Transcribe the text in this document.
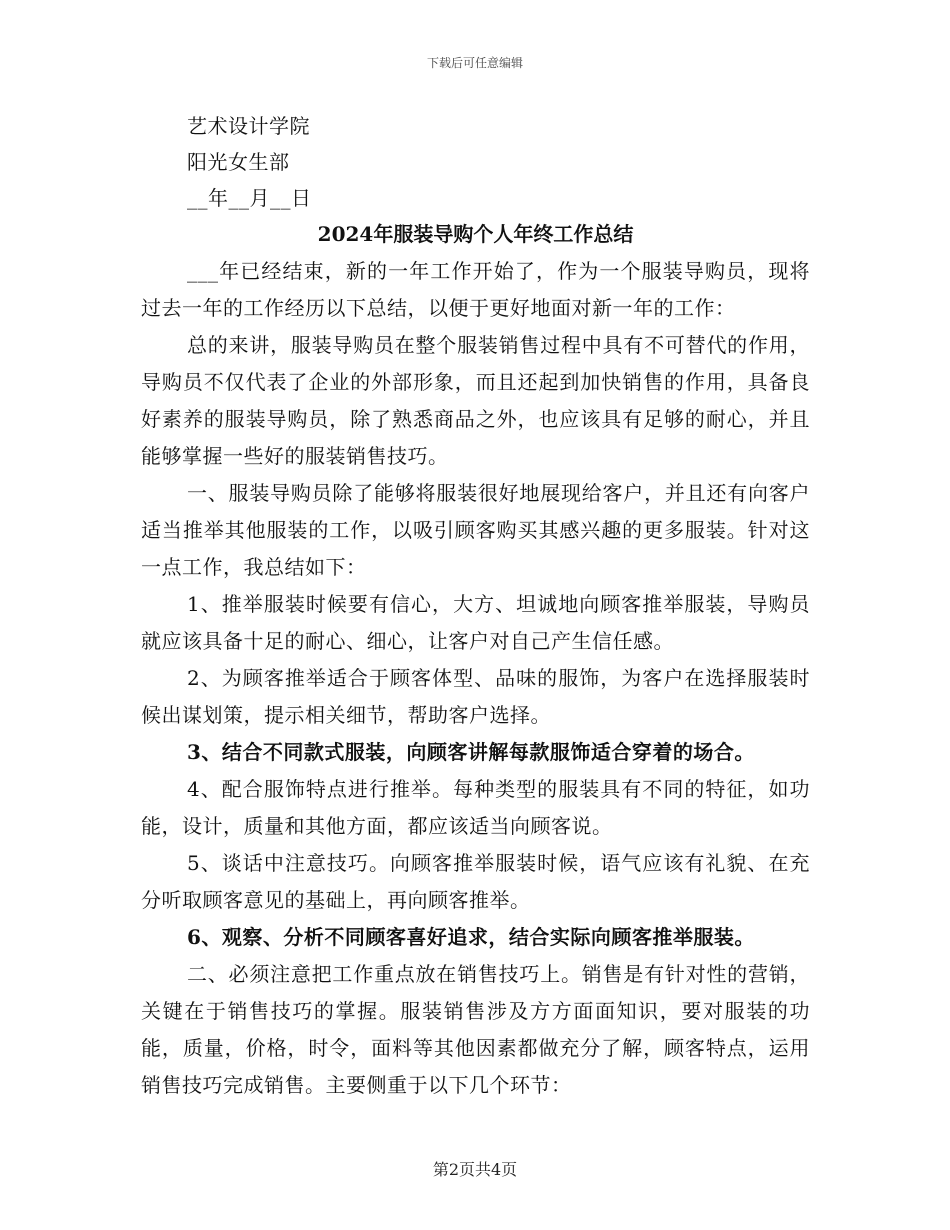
下载后可任意编辑
艺术设计学院
阳光女生部
__年__月__日
2024年服装导购个人年终工作总结
___年已经结束，新的一年工作开始了，作为一个服装导购员，现将过去一年的工作经历以下总结，以便于更好地面对新一年的工作：
总的来讲，服装导购员在整个服装销售过程中具有不可替代的作用，导购员不仅代表了企业的外部形象，而且还起到加快销售的作用，具备良好素养的服装导购员，除了熟悉商品之外，也应该具有足够的耐心，并且能够掌握一些好的服装销售技巧。
一、服装导购员除了能够将服装很好地展现给客户，并且还有向客户适当推举其他服装的工作，以吸引顾客购买其感兴趣的更多服装。针对这一点工作，我总结如下：
1、推举服装时候要有信心，大方、坦诚地向顾客推举服装，导购员就应该具备十足的耐心、细心，让客户对自己产生信任感。
2、为顾客推举适合于顾客体型、品味的服饰，为客户在选择服装时候出谋划策，提示相关细节，帮助客户选择。
3、结合不同款式服装，向顾客讲解每款服饰适合穿着的场合。
4、配合服饰特点进行推举。每种类型的服装具有不同的特征，如功能，设计，质量和其他方面，都应该适当向顾客说。
5、谈话中注意技巧。向顾客推举服装时候，语气应该有礼貌、在充分听取顾客意见的基础上，再向顾客推举。
6、观察、分析不同顾客喜好追求，结合实际向顾客推举服装。
二、必须注意把工作重点放在销售技巧上。销售是有针对性的营销，关键在于销售技巧的掌握。服装销售涉及方方面面知识，要对服装的功能，质量，价格，时令，面料等其他因素都做充分了解，顾客特点，运用销售技巧完成销售。主要侧重于以下几个环节：
第2页共4页
